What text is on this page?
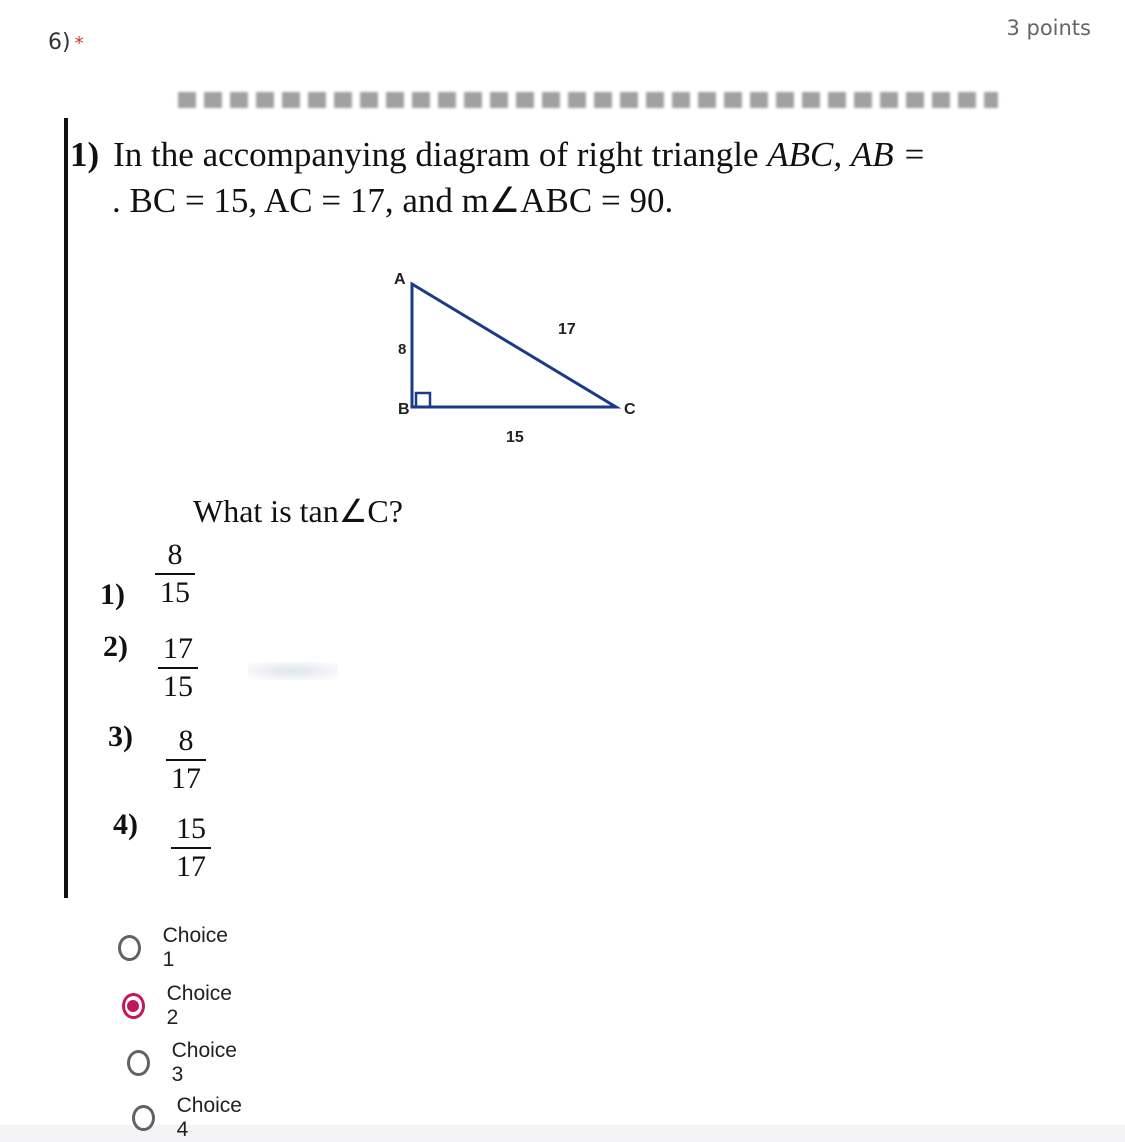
6) *
3 points
1) In the accompanying diagram of right triangle ABC, AB =
. BC = 15, AC = 17, and m∠ABC = 90.
A
B	C
8
15
17
What is tan∠C?
1)
8
15
2) 17
15
3) 8
17
4) 15
17
Choice 1
Choice 2
Choice 3
Choice 4
